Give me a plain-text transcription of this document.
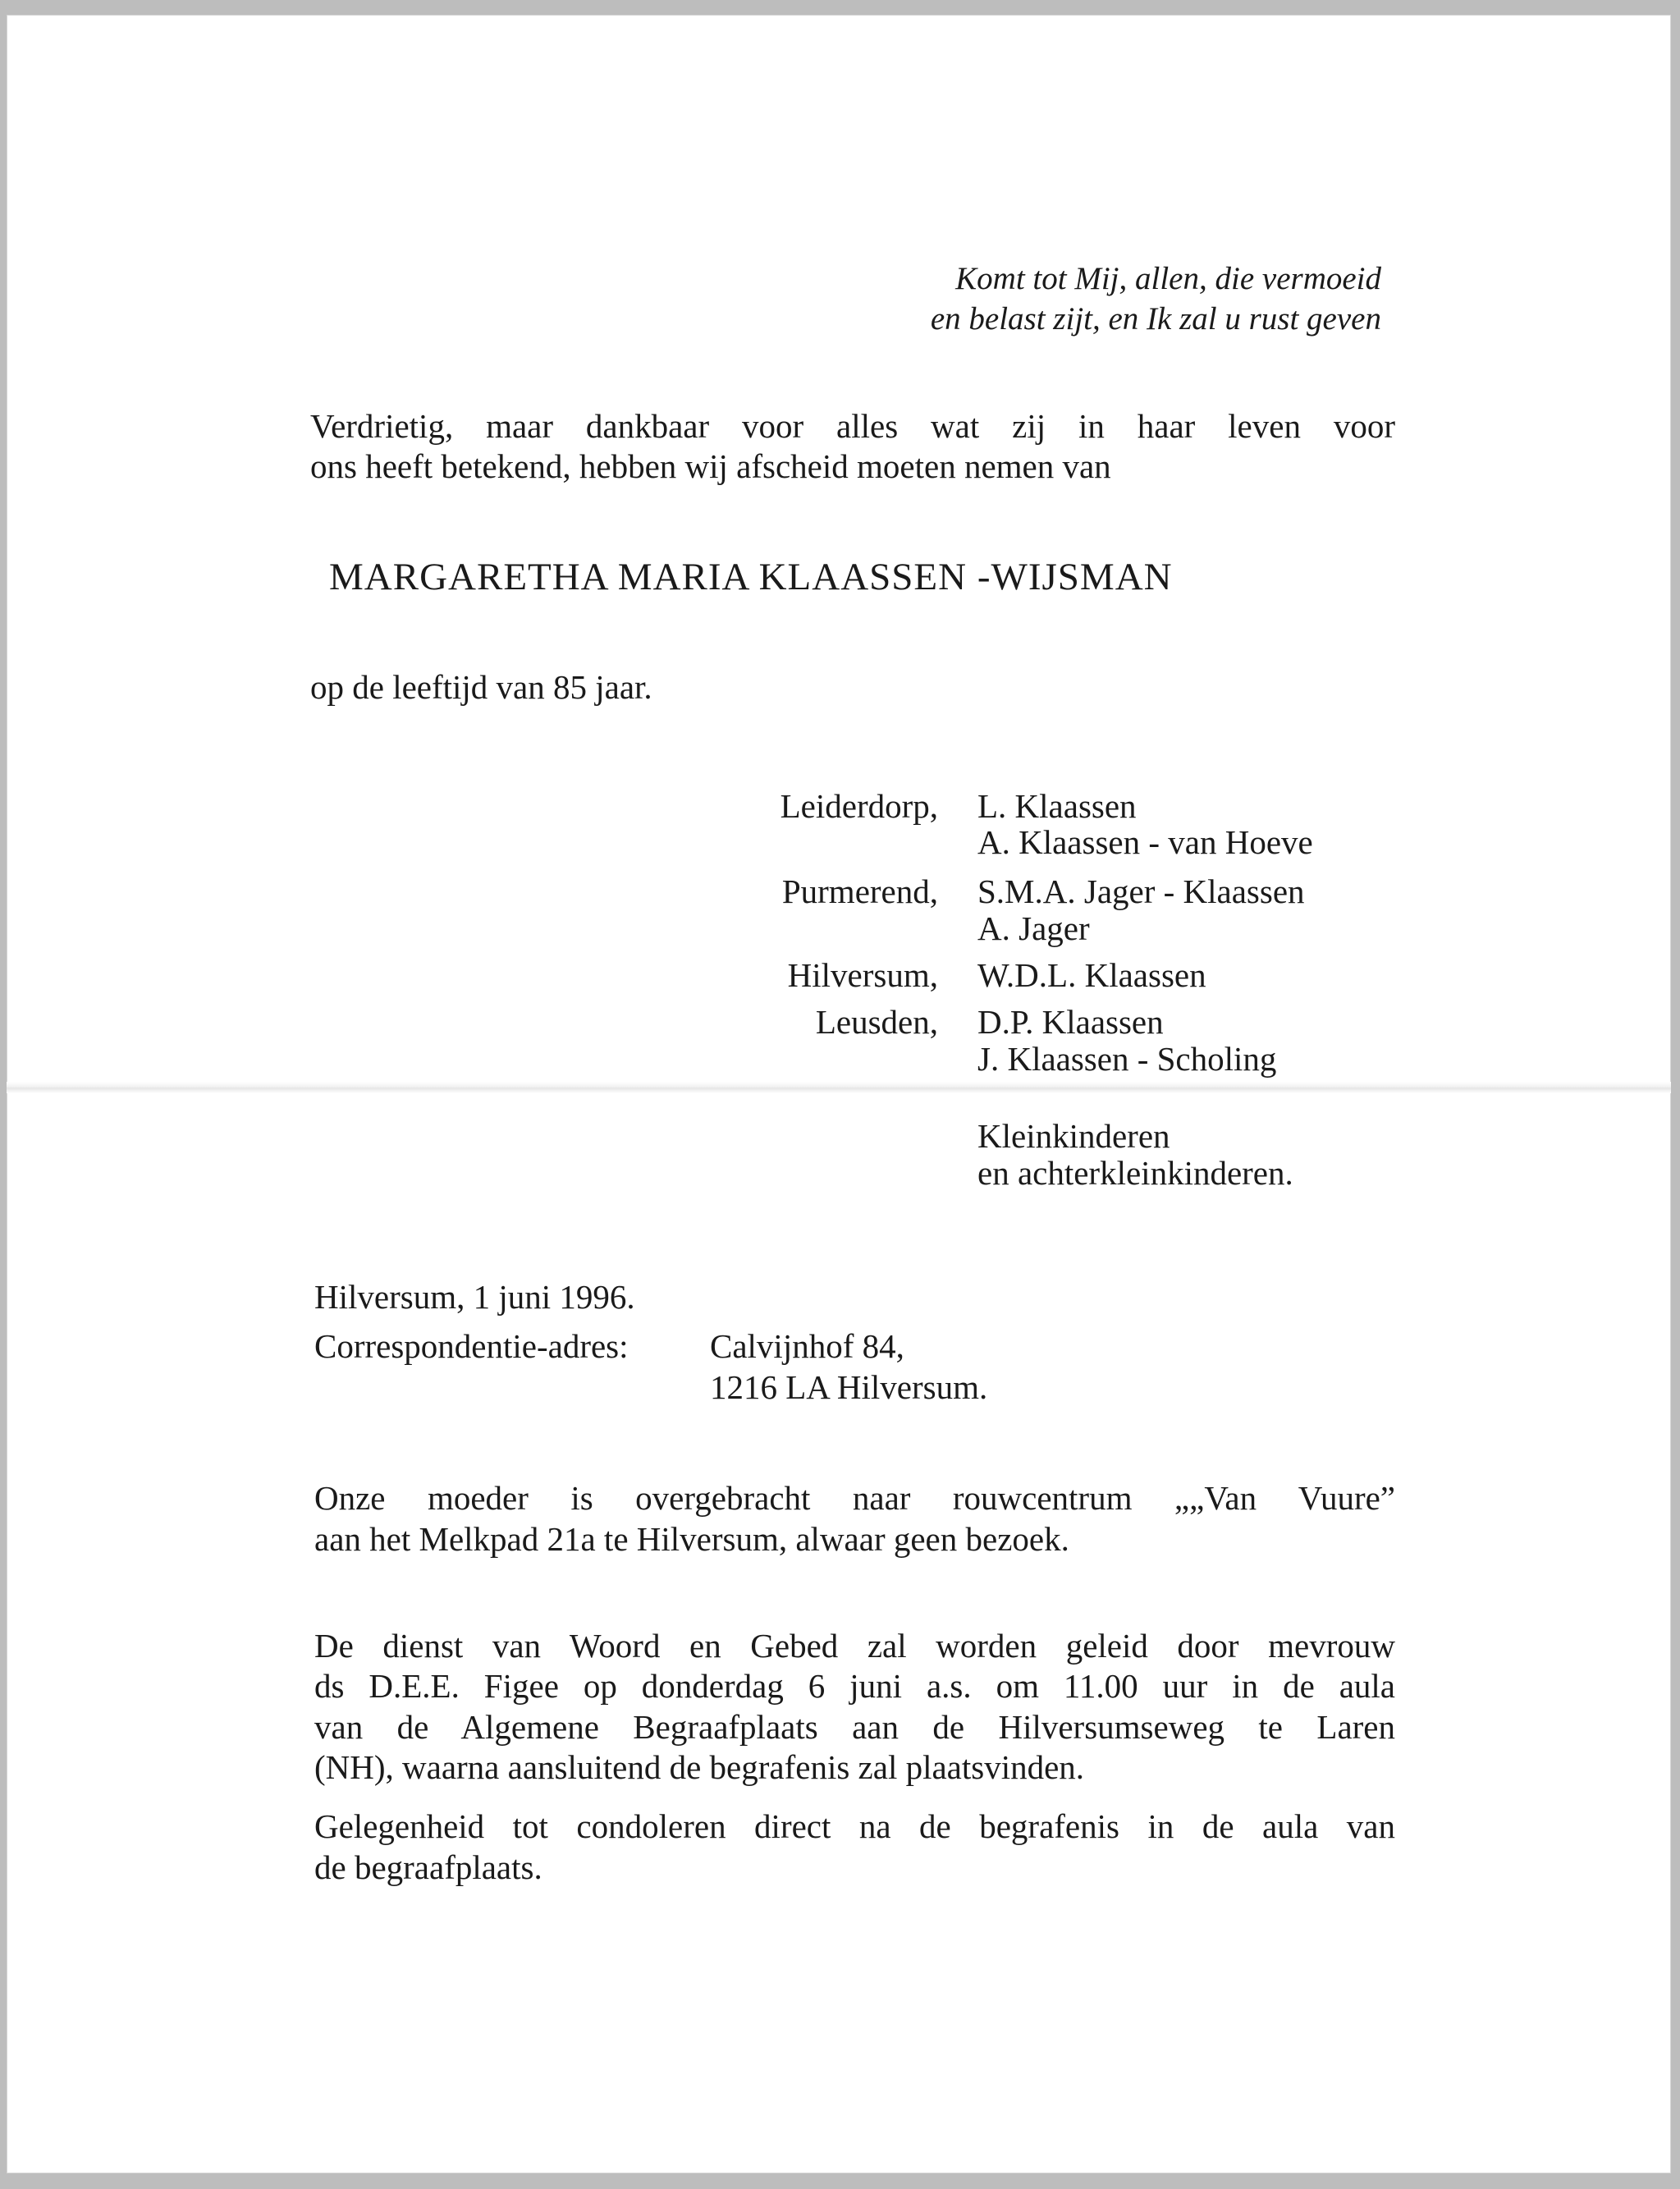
Komt tot Mij, allen, die vermoeid
en belast zijt, en Ik zal u rust geven
Verdrietig, maar dankbaar voor alles wat zij in haar leven voor
ons heeft betekend, hebben wij afscheid moeten nemen van
MARGARETHA MARIA KLAASSEN -WIJSMAN
op de leeftijd van 85 jaar.
Leiderdorp, L. Klaassen
A. Klaassen - van Hoeve
Purmerend, S.M.A. Jager - Klaassen
A. Jager
Hilversum, W.D.L. Klaassen
Leusden, D.P. Klaassen
J. Klaassen - Scholing
Kleinkinderen
en achterkleinkinderen.
Hilversum, 1 juni 1996.
Correspondentie-adres: Calvijnhof 84,
1216 LA Hilversum.
Onze moeder is overgebracht naar rouwcentrum „„Van Vuure”
aan het Melkpad 21a te Hilversum, alwaar geen bezoek.
De dienst van Woord en Gebed zal worden geleid door mevrouw
ds D.E.E. Figee op donderdag 6 juni a.s. om 11.00 uur in de aula
van de Algemene Begraafplaats aan de Hilversumseweg te Laren
(NH), waarna aansluitend de begrafenis zal plaatsvinden.
Gelegenheid tot condoleren direct na de begrafenis in de aula van
de begraafplaats.
